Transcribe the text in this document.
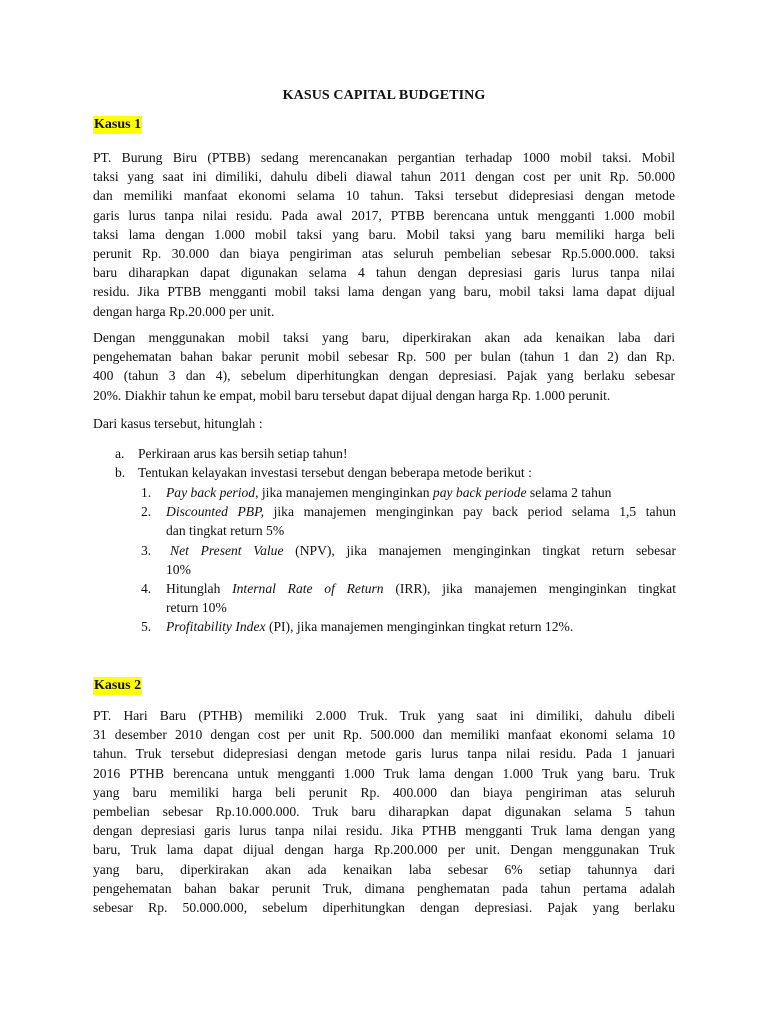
KASUS CAPITAL BUDGETING
Kasus 1
PT. Burung Biru (PTBB) sedang merencanakan pergantian terhadap 1000 mobil taksi. Mobil
taksi yang saat ini dimiliki, dahulu dibeli diawal tahun 2011 dengan cost per unit Rp. 50.000
dan memiliki manfaat ekonomi selama 10 tahun. Taksi tersebut didepresiasi dengan metode
garis lurus tanpa nilai residu. Pada awal 2017, PTBB berencana untuk mengganti 1.000 mobil
taksi lama dengan 1.000 mobil taksi yang baru. Mobil taksi yang baru memiliki harga beli
perunit Rp. 30.000 dan biaya pengiriman atas seluruh pembelian sebesar Rp.5.000.000. taksi
baru diharapkan dapat digunakan selama 4 tahun dengan depresiasi garis lurus tanpa nilai
residu. Jika PTBB mengganti mobil taksi lama dengan yang baru, mobil taksi lama dapat dijual
dengan harga Rp.20.000 per unit.
Dengan menggunakan mobil taksi yang baru, diperkirakan akan ada kenaikan laba dari
pengehematan bahan bakar perunit mobil sebesar Rp. 500 per bulan (tahun 1 dan 2) dan Rp.
400 (tahun 3 dan 4), sebelum diperhitungkan dengan depresiasi. Pajak yang berlaku sebesar
20%. Diakhir tahun ke empat, mobil baru tersebut dapat dijual dengan harga Rp. 1.000 perunit.
Dari kasus tersebut, hitunglah :
a. Perkiraan arus kas bersih setiap tahun!
b. Tentukan kelayakan investasi tersebut dengan beberapa metode berikut :
1. Pay back period, jika manajemen menginginkan pay back periode selama 2 tahun
2. Discounted PBP, jika manajemen menginginkan pay back period selama 1,5 tahun
dan tingkat return 5%
3. Net Present Value (NPV), jika manajemen menginginkan tingkat return sebesar
10%
4. Hitunglah Internal Rate of Return (IRR), jika manajemen menginginkan tingkat
return 10%
5. Profitability Index (PI), jika manajemen menginginkan tingkat return 12%.
Kasus 2
PT. Hari Baru (PTHB) memiliki 2.000 Truk. Truk yang saat ini dimiliki, dahulu dibeli
31 desember 2010 dengan cost per unit Rp. 500.000 dan memiliki manfaat ekonomi selama 10
tahun. Truk tersebut didepresiasi dengan metode garis lurus tanpa nilai residu. Pada 1 januari
2016 PTHB berencana untuk mengganti 1.000 Truk lama dengan 1.000 Truk yang baru. Truk
yang baru memiliki harga beli perunit Rp. 400.000 dan biaya pengiriman atas seluruh
pembelian sebesar Rp.10.000.000. Truk baru diharapkan dapat digunakan selama 5 tahun
dengan depresiasi garis lurus tanpa nilai residu. Jika PTHB mengganti Truk lama dengan yang
baru, Truk lama dapat dijual dengan harga Rp.200.000 per unit. Dengan menggunakan Truk
yang baru, diperkirakan akan ada kenaikan laba sebesar 6% setiap tahunnya dari
pengehematan bahan bakar perunit Truk, dimana penghematan pada tahun pertama adalah
sebesar Rp. 50.000.000, sebelum diperhitungkan dengan depresiasi. Pajak yang berlaku
